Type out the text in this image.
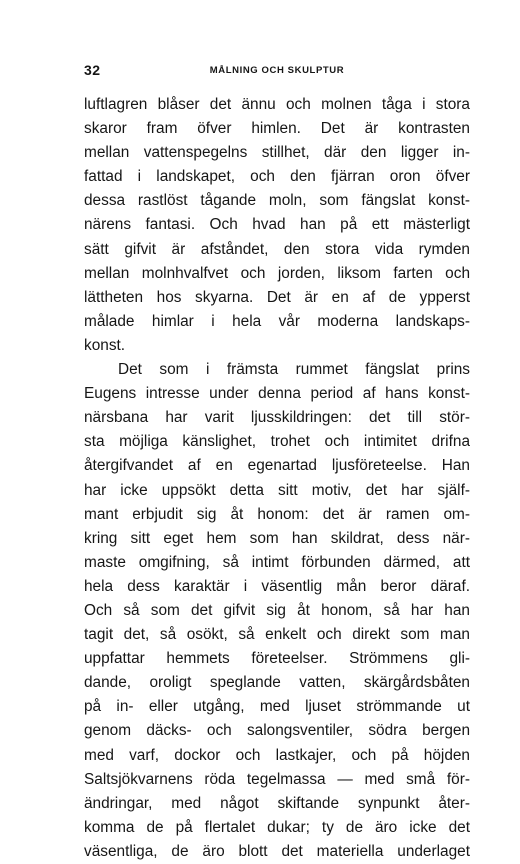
32	MÅLNING OCH SKULPTUR
luftlagren blåser det ännu och molnen tåga i stora
skaror fram öfver himlen. Det är kontrasten
mellan vattenspegelns stillhet, där den ligger in-
fattad i landskapet, och den fjärran oron öfver
dessa rastlöst tågande moln, som fängslat konst-
närens fantasi. Och hvad han på ett mästerligt
sätt gifvit är afståndet, den stora vida rymden
mellan molnhvalfvet och jorden, liksom farten och
lättheten hos skyarna. Det är en af de ypperst
målade himlar i hela vår moderna landskaps-
konst.
Det som i främsta rummet fängslat prins
Eugens intresse under denna period af hans konst-
närsbana har varit ljusskildringen: det till stör-
sta möjliga känslighet, trohet och intimitet drifna
återgifvandet af en egenartad ljusföreteelse. Han
har icke uppsökt detta sitt motiv, det har själf-
mant erbjudit sig åt honom: det är ramen om-
kring sitt eget hem som han skildrat, dess när-
maste omgifning, så intimt förbunden därmed, att
hela dess karaktär i väsentlig mån beror däraf.
Och så som det gifvit sig åt honom, så har han
tagit det, så osökt, så enkelt och direkt som man
uppfattar hemmets företeelser. Strömmens gli-
dande, oroligt speglande vatten, skärgårdsbåten
på in- eller utgång, med ljuset strömmande ut
genom däcks- och salongsventiler, södra bergen
med varf, dockor och lastkajer, och på höjden
Saltsjökvarnens röda tegelmassa — med små för-
ändringar, med något skiftande synpunkt åter-
komma de på flertalet dukar; ty de äro icke det
väsentliga, de äro blott det materiella underlaget
